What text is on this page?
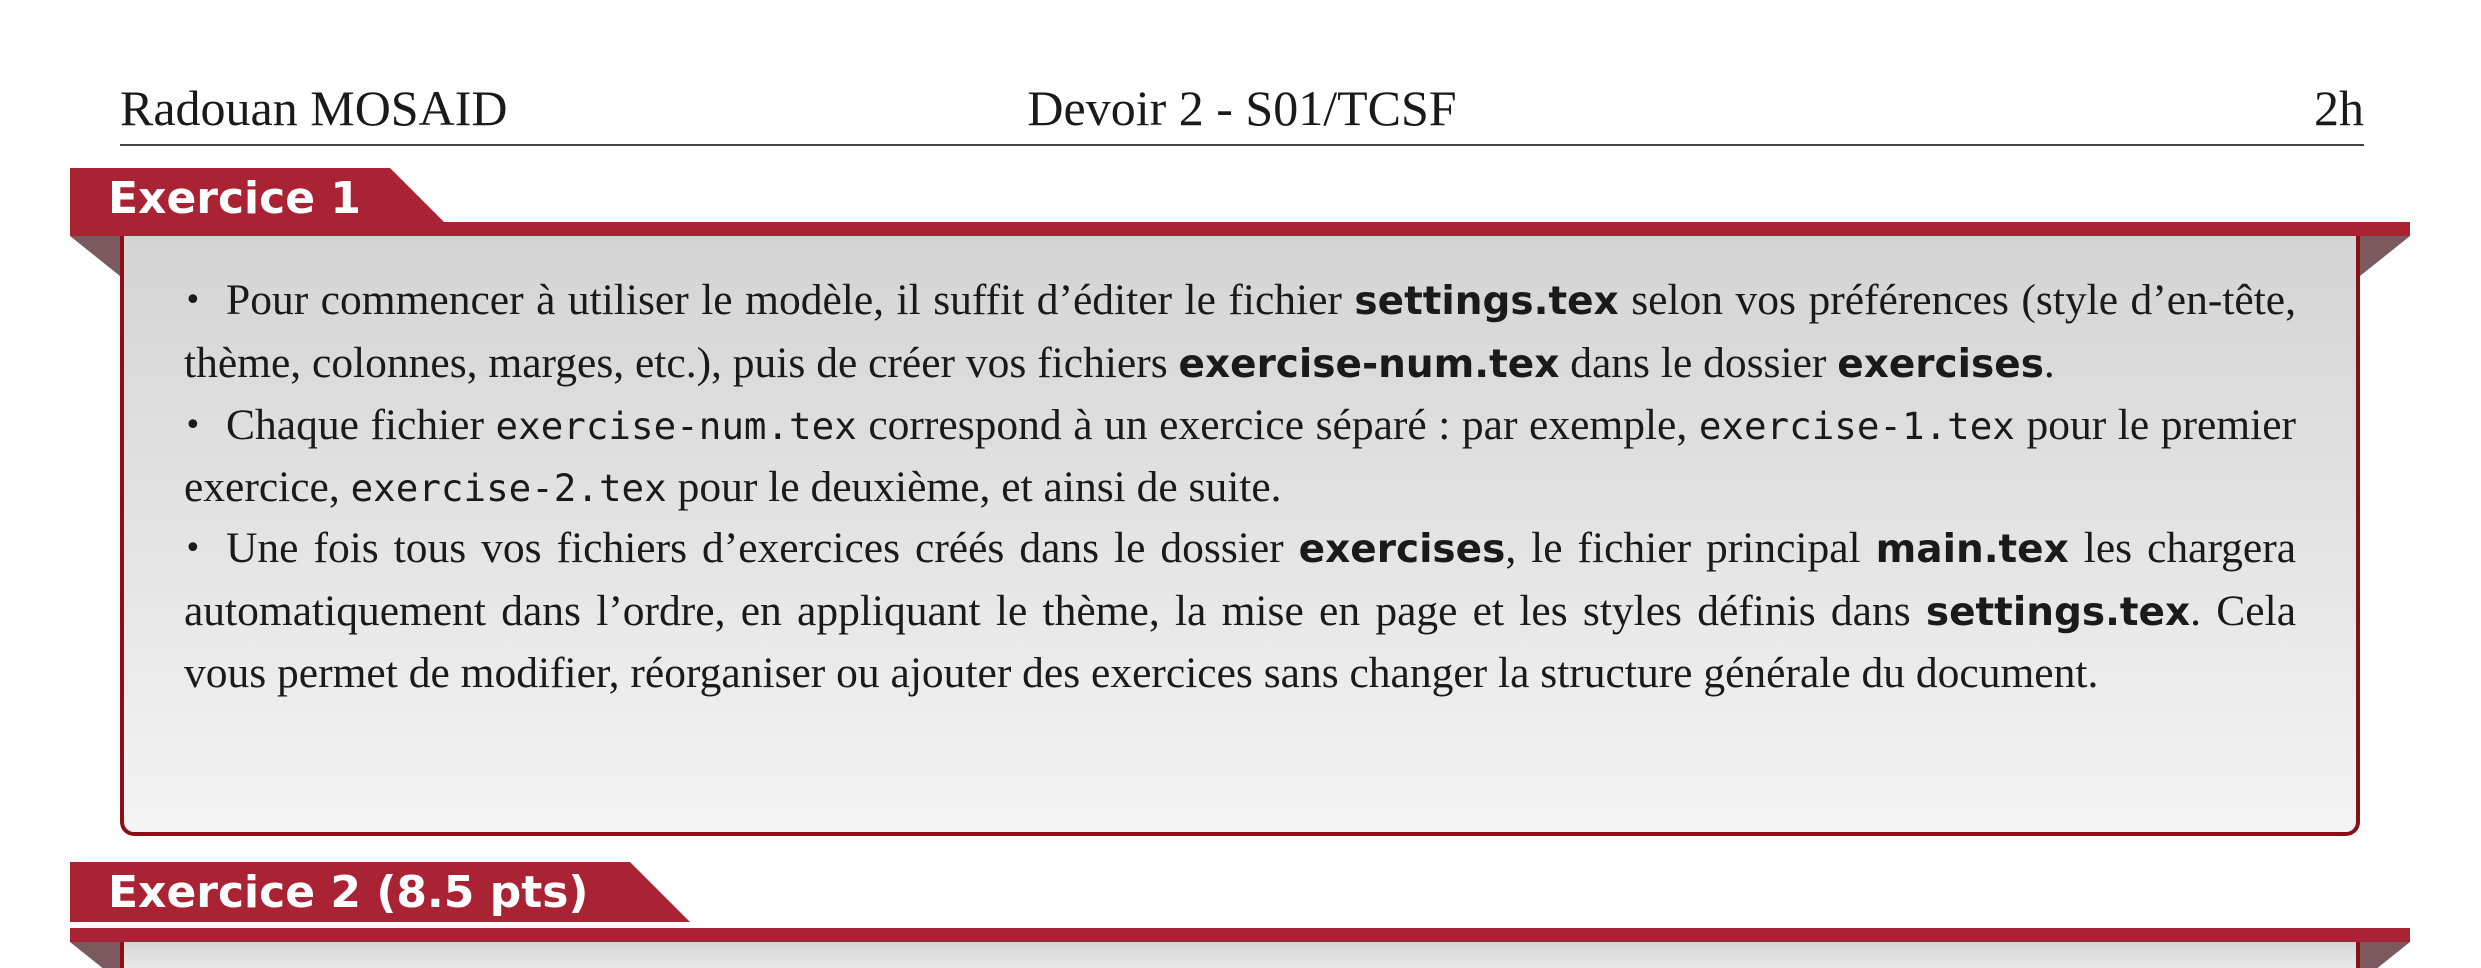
Radouan MOSAID	Devoir 2 - S01/TCSF	2h
Exercice 1

• Pour commencer à utiliser le modèle, il suffit d’éditer le fichier settings.tex selon vos préférences (style d’en-tête, thème, colonnes, marges, etc.), puis de créer vos fichiers exercise-num.tex dans le dossier exercises.

• Chaque fichier exercise-num.tex correspond à un exercice séparé : par exemple, exercise-1.tex pour le premier exercice, exercise-2.tex pour le deuxième, et ainsi de suite.

• Une fois tous vos fichiers d’exercices créés dans le dossier exercises, le fichier principal main.tex les chargera automatiquement dans l’ordre, en appliquant le thème, la mise en page et les styles définis dans settings.tex. Cela vous permet de modifier, réorganiser ou ajouter des exercices sans changer la structure générale du document.

Exercice 2 (8.5 pts)
